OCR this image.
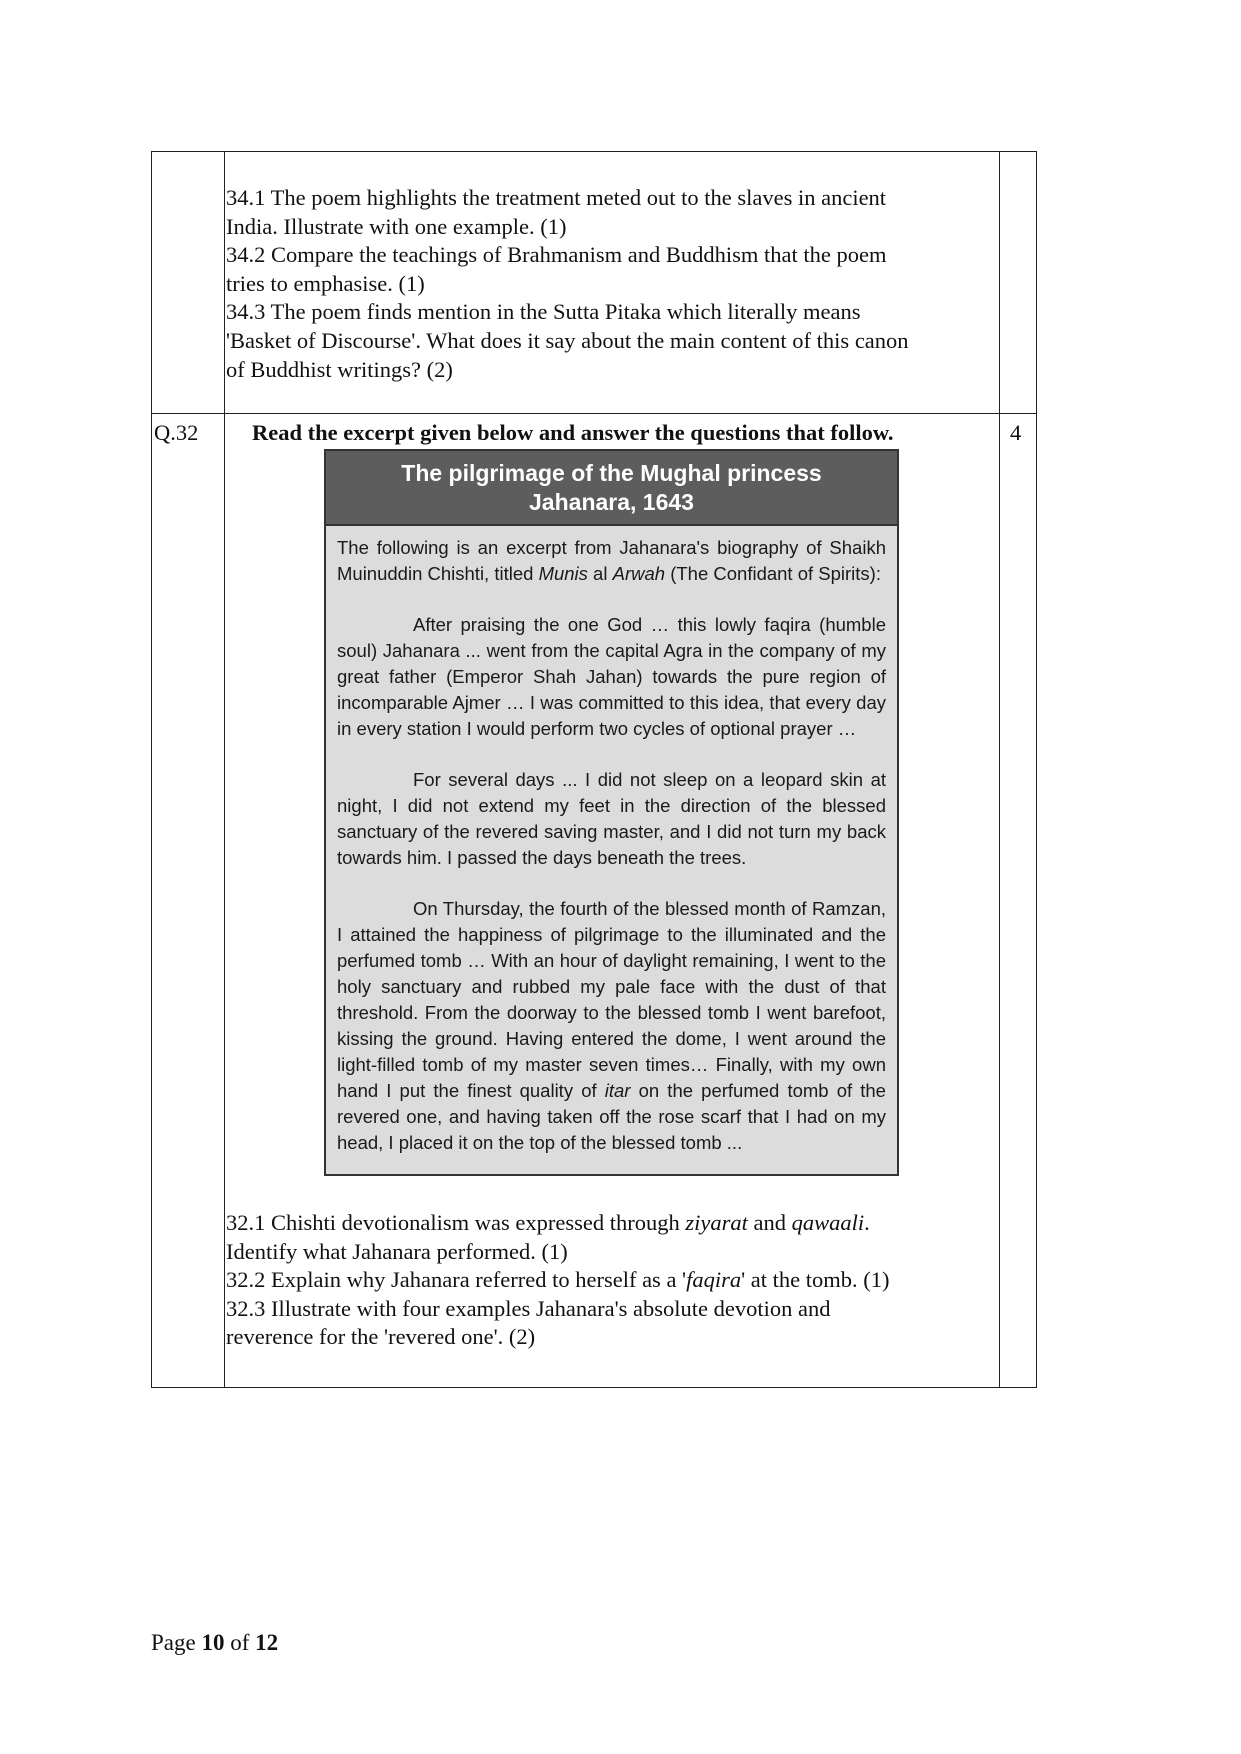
34.1 The poem highlights the treatment meted out to the slaves in ancient
India. Illustrate with one example. (1)
34.2 Compare the teachings of Brahmanism and Buddhism that the poem
tries to emphasise. (1)
34.3 The poem finds mention in the Sutta Pitaka which literally means
'Basket of Discourse'. What does it say about the main content of this canon
of Buddhist writings? (2)
Q.32 Read the excerpt given below and answer the questions that follow.	4
The pilgrimage of the Mughal princess
Jahanara, 1643

The following is an excerpt from Jahanara's biography of Shaikh Muinuddin Chishti, titled Munis al Arwah (The Confidant of Spirits):

After praising the one God … this lowly faqira (humble soul) Jahanara ... went from the capital Agra in the company of my great father (Emperor Shah Jahan) towards the pure region of incomparable Ajmer … I was committed to this idea, that every day in every station I would perform two cycles of optional prayer …

For several days ... I did not sleep on a leopard skin at night, I did not extend my feet in the direction of the blessed sanctuary of the revered saving master, and I did not turn my back towards him. I passed the days beneath the trees.

On Thursday, the fourth of the blessed month of Ramzan, I attained the happiness of pilgrimage to the illuminated and the perfumed tomb … With an hour of daylight remaining, I went to the holy sanctuary and rubbed my pale face with the dust of that threshold. From the doorway to the blessed tomb I went barefoot, kissing the ground. Having entered the dome, I went around the light-filled tomb of my master seven times… Finally, with my own hand I put the finest quality of itar on the perfumed tomb of the revered one, and having taken off the rose scarf that I had on my head, I placed it on the top of the blessed tomb ...

32.1 Chishti devotionalism was expressed through ziyarat and qawaali.
Identify what Jahanara performed. (1)
32.2 Explain why Jahanara referred to herself as a 'faqira' at the tomb. (1)
32.3 Illustrate with four examples Jahanara's absolute devotion and
reverence for the 'revered one'. (2)
Page 10 of 12
